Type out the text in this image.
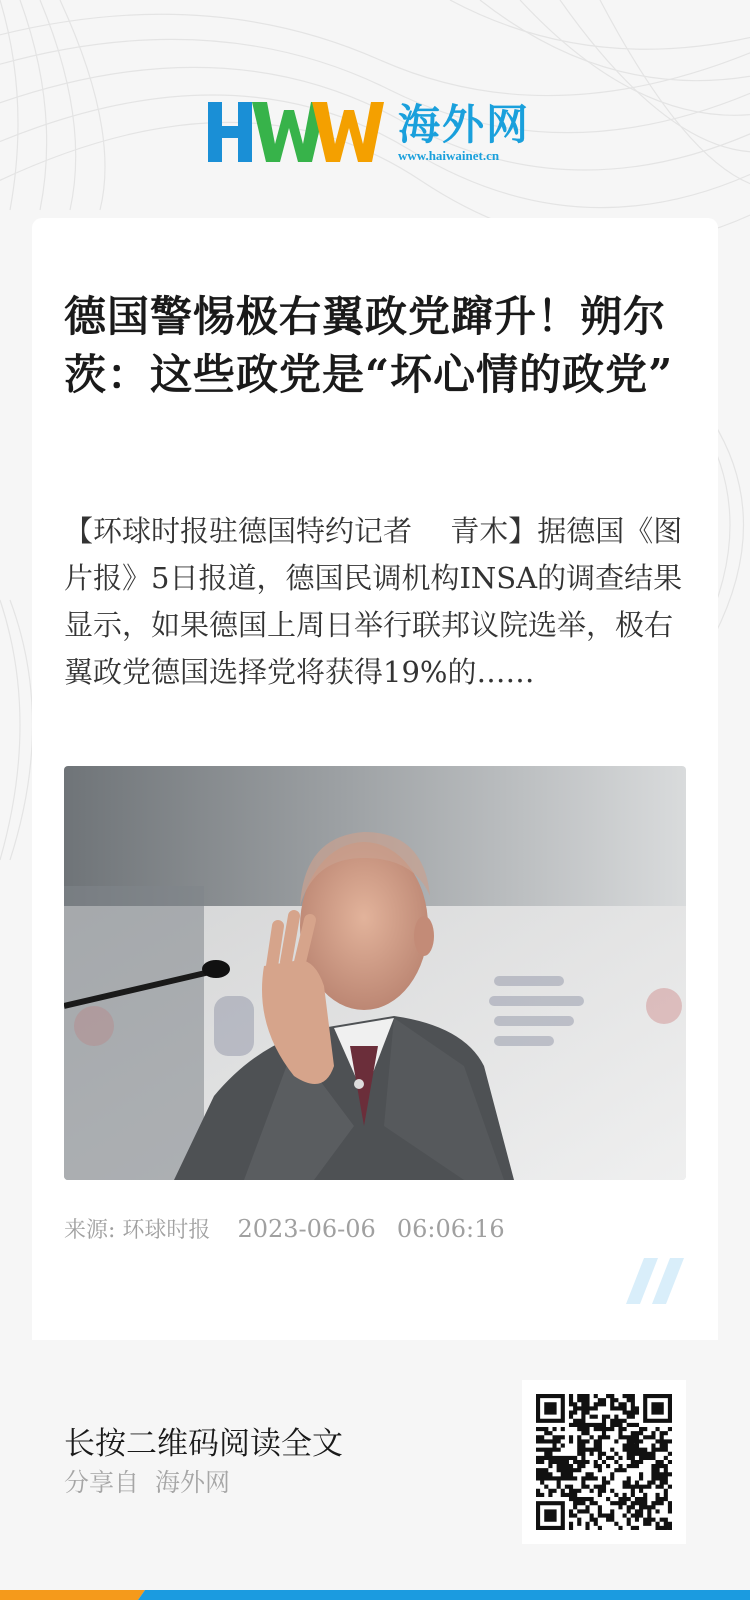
海外网
www.haiwainet.cn
德国警惕极右翼政党蹿升！朔尔茨：这些政党是“坏心情的政党”

【环球时报驻德国特约记者　 青木】据德国《图片报》5日报道，德国民调机构INSA的调查结果显示，如果德国上周日举行联邦议院选举，极右翼政党德国选择党将获得19%的……

来源: 环球时报 2023-06-06 06:06:16
长按二维码阅读全文
分享自 海外网
